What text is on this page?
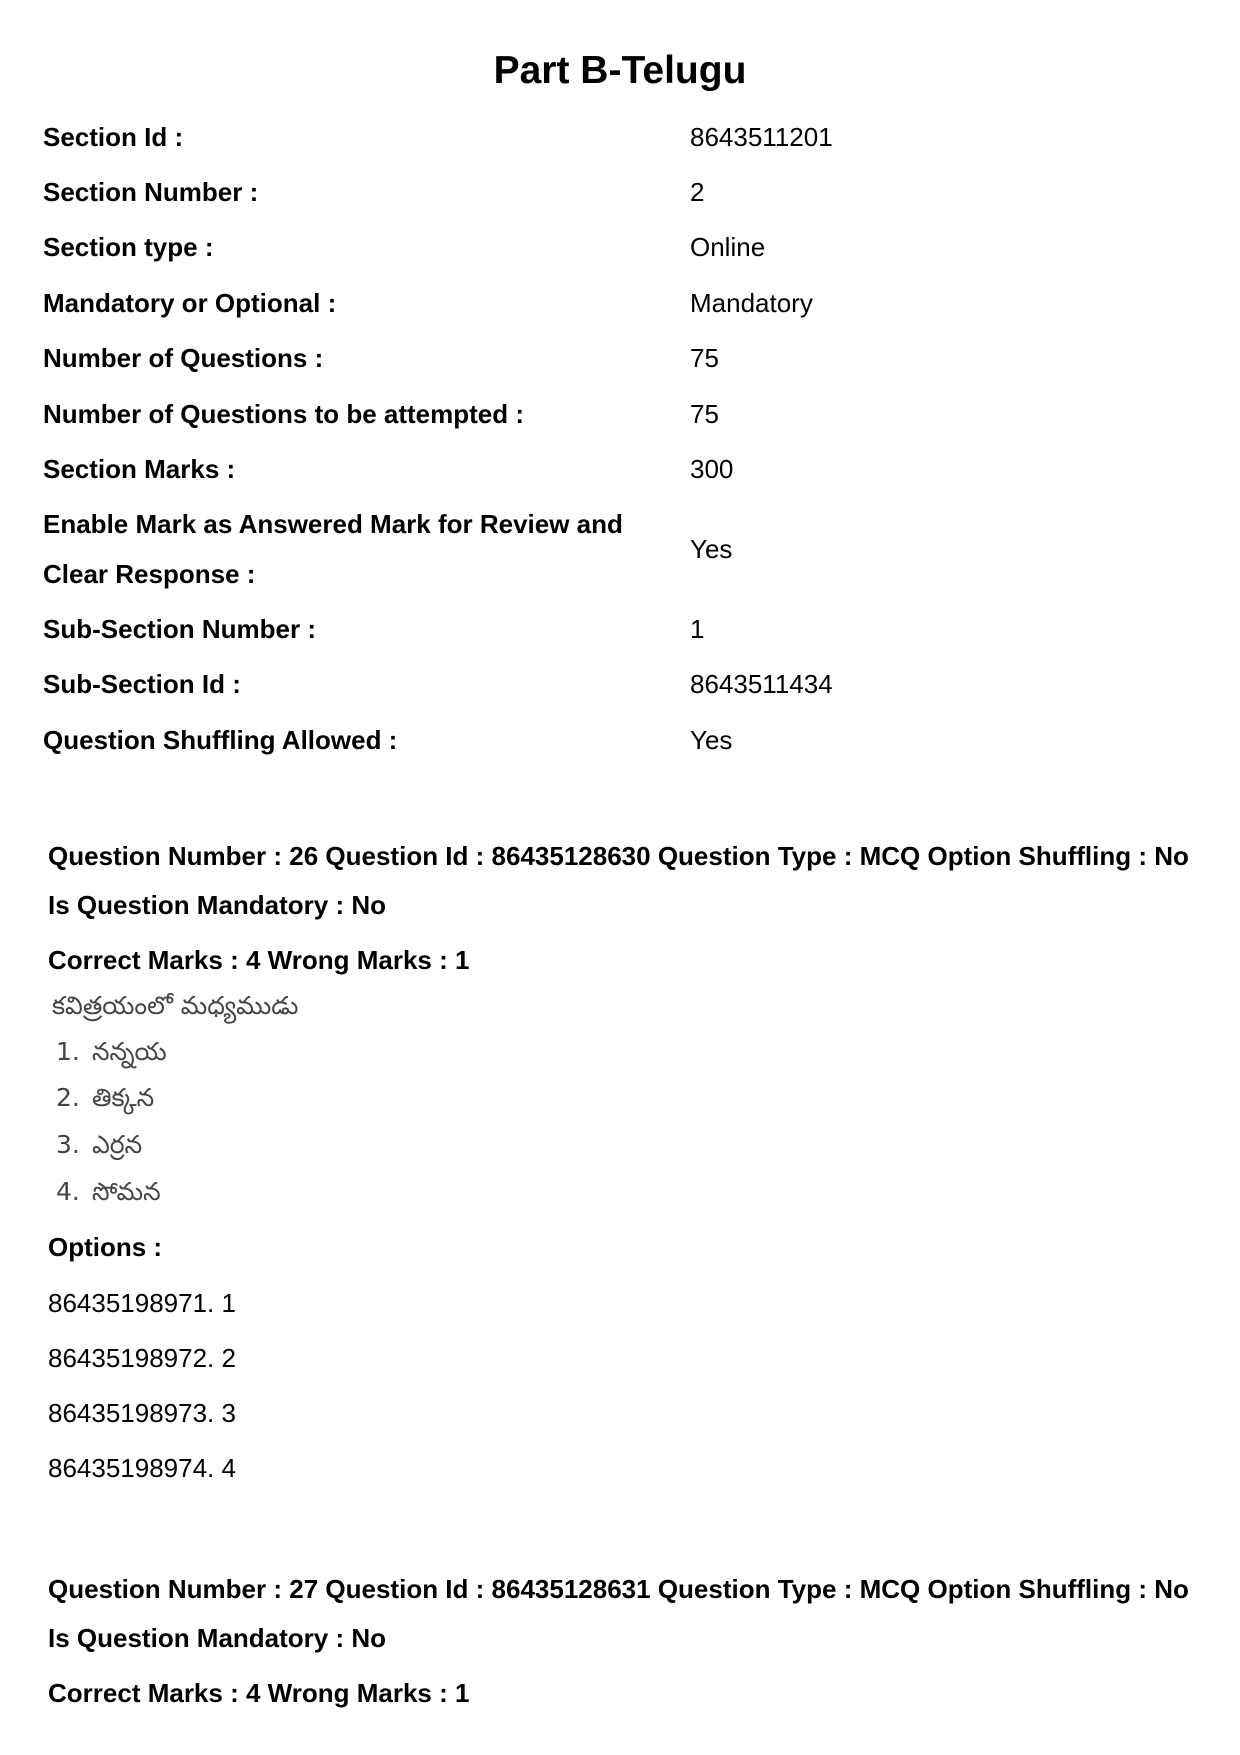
Part B-Telugu
Section Id :	8643511201
Section Number :	2
Section type :	Online
Mandatory or Optional :	Mandatory
Number of Questions :	75
Number of Questions to be attempted :	75
Section Marks :	300
Enable Mark as Answered Mark for Review and Clear Response :
Yes
Sub-Section Number :	1
Sub-Section Id :	8643511434
Question Shuffling Allowed :	Yes
Question Number : 26 Question Id : 86435128630 Question Type : MCQ Option Shuffling : No
Is Question Mandatory : No
Correct Marks : 4 Wrong Marks : 1
కవిత్రయంలో మధ్యముడు
1. నన్నయ
2. తిక్కన
3. ఎర్రన
4. సోమన
Options :
86435198971. 1
86435198972. 2
86435198973. 3
86435198974. 4
Question Number : 27 Question Id : 86435128631 Question Type : MCQ Option Shuffling : No
Is Question Mandatory : No
Correct Marks : 4 Wrong Marks : 1
